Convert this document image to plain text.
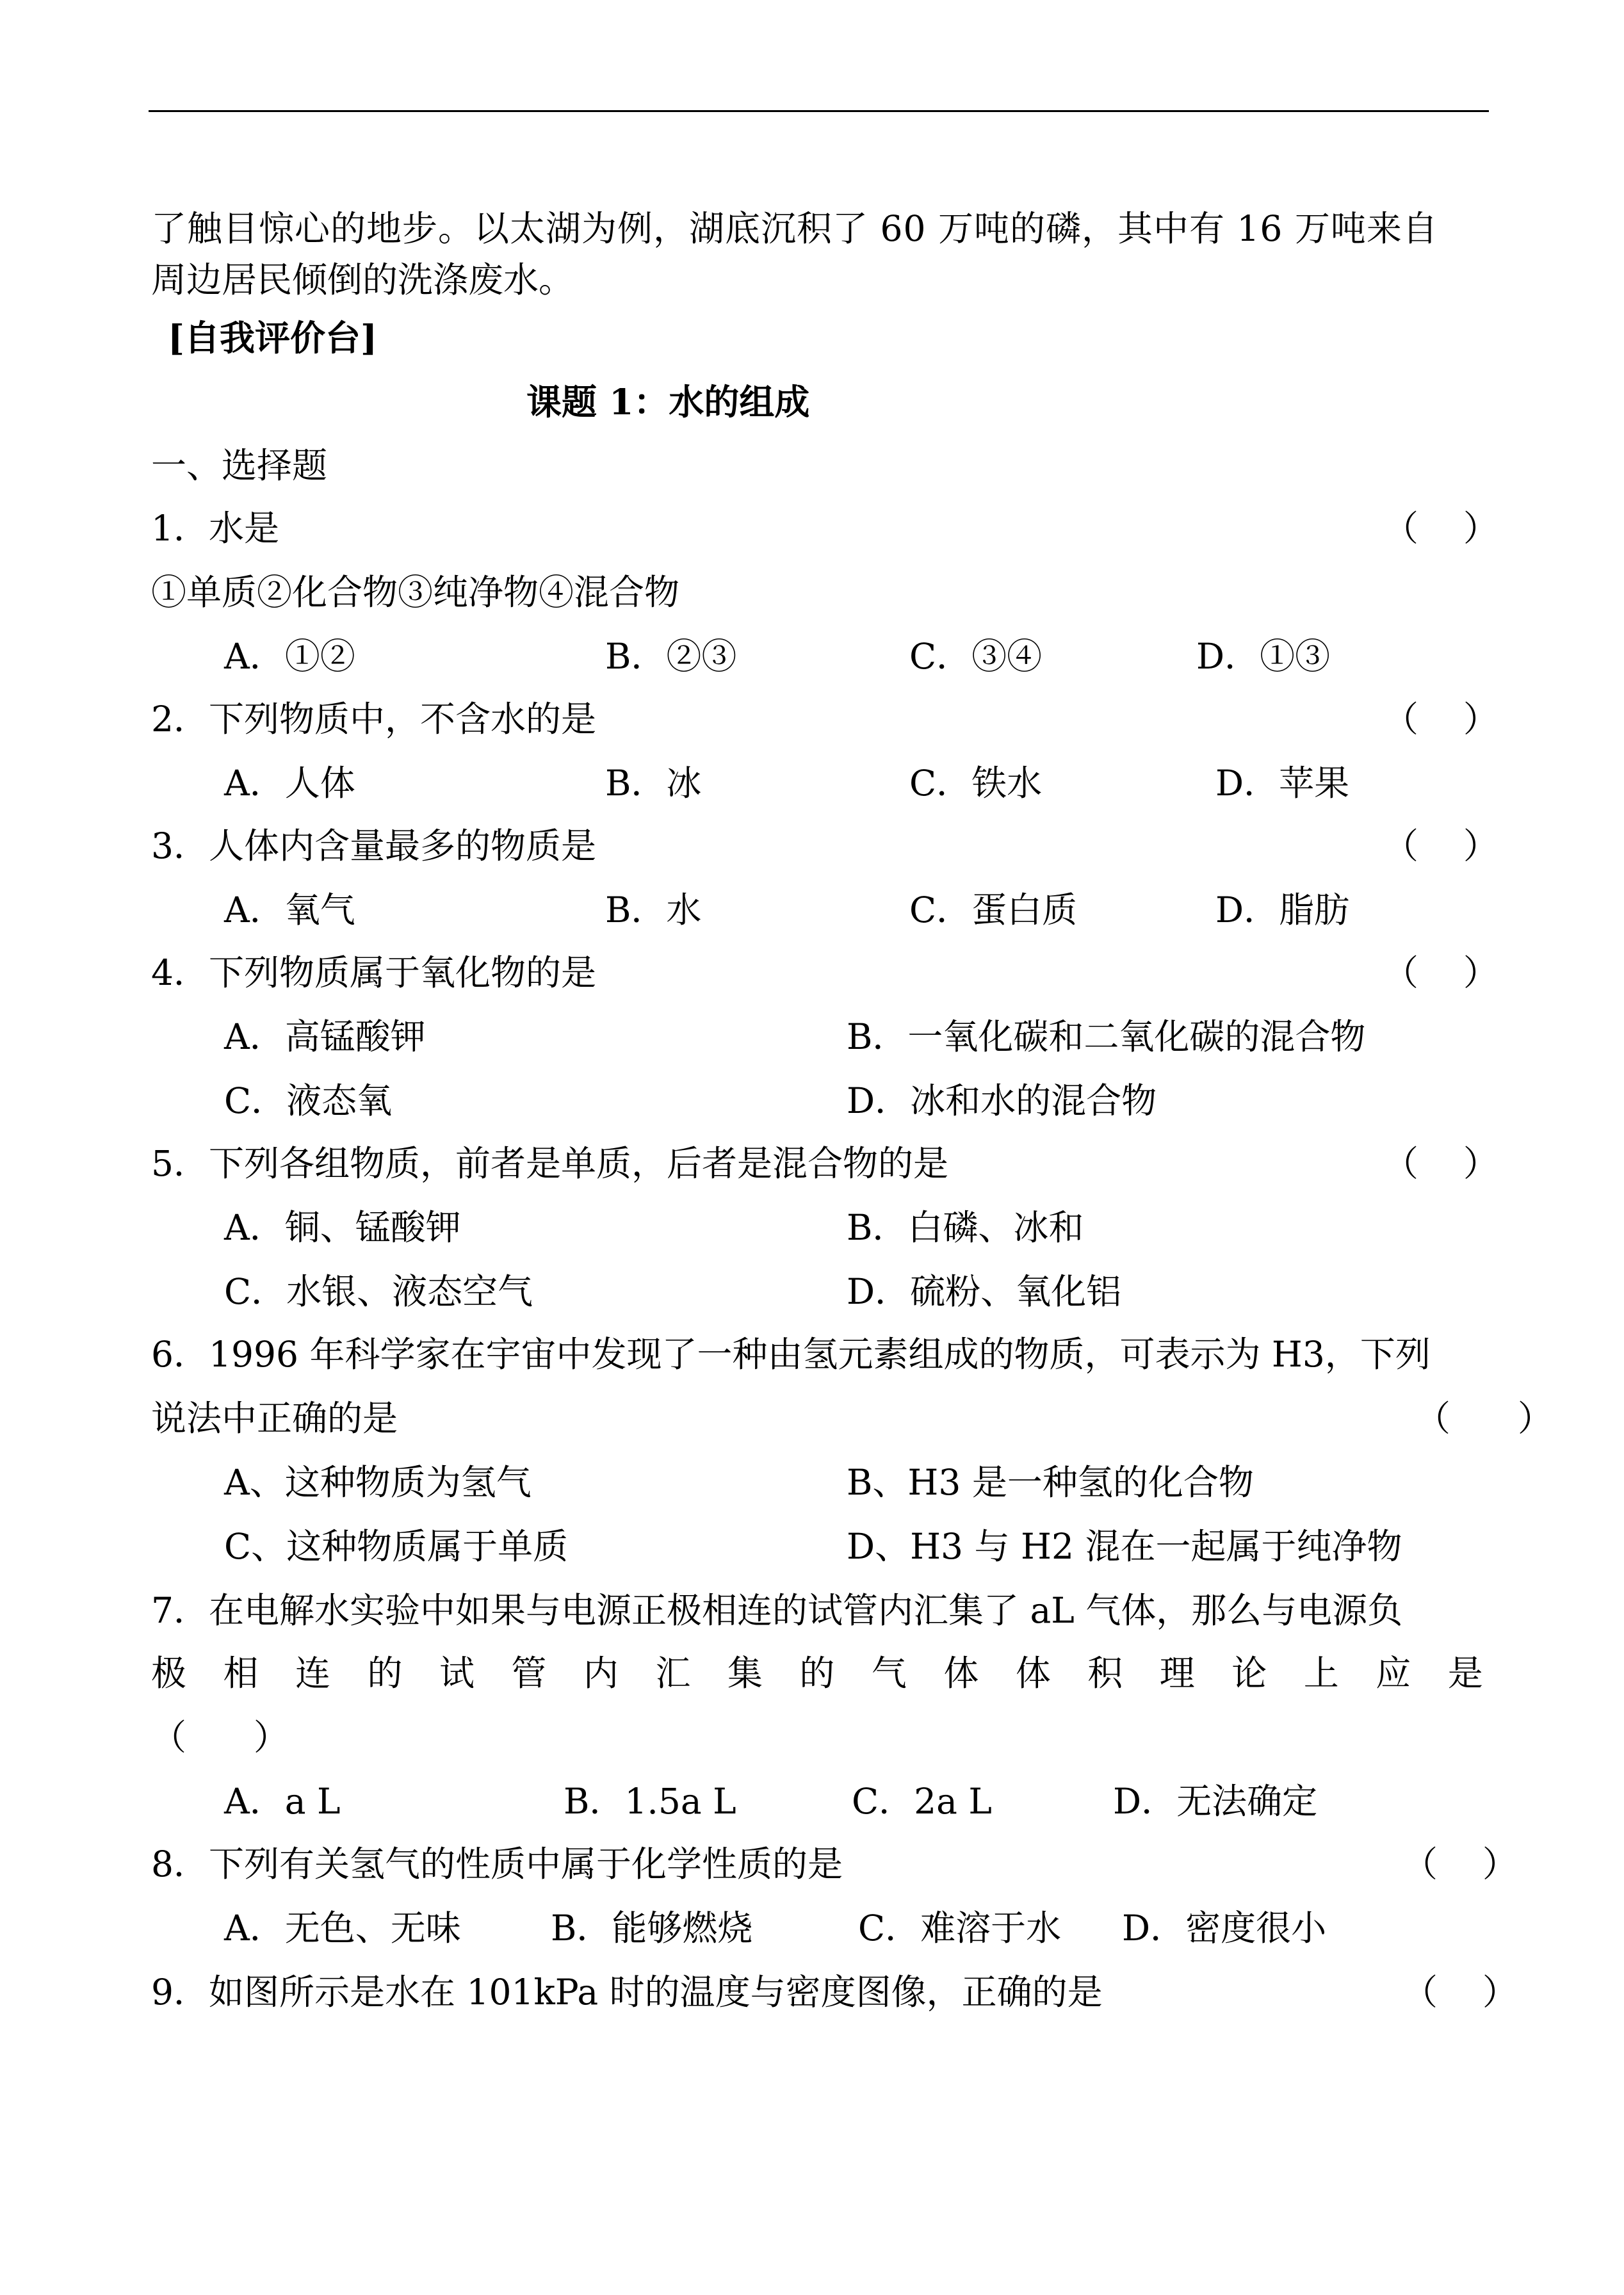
了触目惊心的地步。以太湖为例，湖底沉积了 60 万吨的磷，其中有 16 万吨来自
周边居民倾倒的洗涤废水。
[自我评价台]
课题 1：水的组成
一、选择题
1．水是	（    ）
①单质②化合物③纯净物④混合物
A．①②	B．②③	C．③④	D．①③
2．下列物质中，不含水的是	（    ）
A．人体	B．冰	C．铁水	D．苹果
3．人体内含量最多的物质是	（    ）
A．氧气	B．水	C．蛋白质	D．脂肪
4．下列物质属于氧化物的是	（    ）
A．高锰酸钾	B．一氧化碳和二氧化碳的混合物
C．液态氧	D．冰和水的混合物
5．下列各组物质，前者是单质，后者是混合物的是	（    ）
A．铜、锰酸钾	B．白磷、冰和
C．水银、液态空气	D．硫粉、氧化铝
6．1996 年科学家在宇宙中发现了一种由氢元素组成的物质，可表示为 H3，下列
说法中正确的是	（      ）
A、这种物质为氢气	B、H3 是一种氢的化合物
C、这种物质属于单质	D、H3 与 H2 混在一起属于纯净物
7．在电解水实验中如果与电源正极相连的试管内汇集了 aL 气体，那么与电源负
极 相 连 的 试 管 内 汇 集 的 气 体 体 积 理 论 上 应 是
（      ）
A．a L	B．1.5a L	C．2a L	D．无法确定
8．下列有关氢气的性质中属于化学性质的是	（    ）
A．无色、无味	B．能够燃烧	C．难溶于水 D．密度很小
9．如图所示是水在 101kPa 时的温度与密度图像，正确的是	（    ）
